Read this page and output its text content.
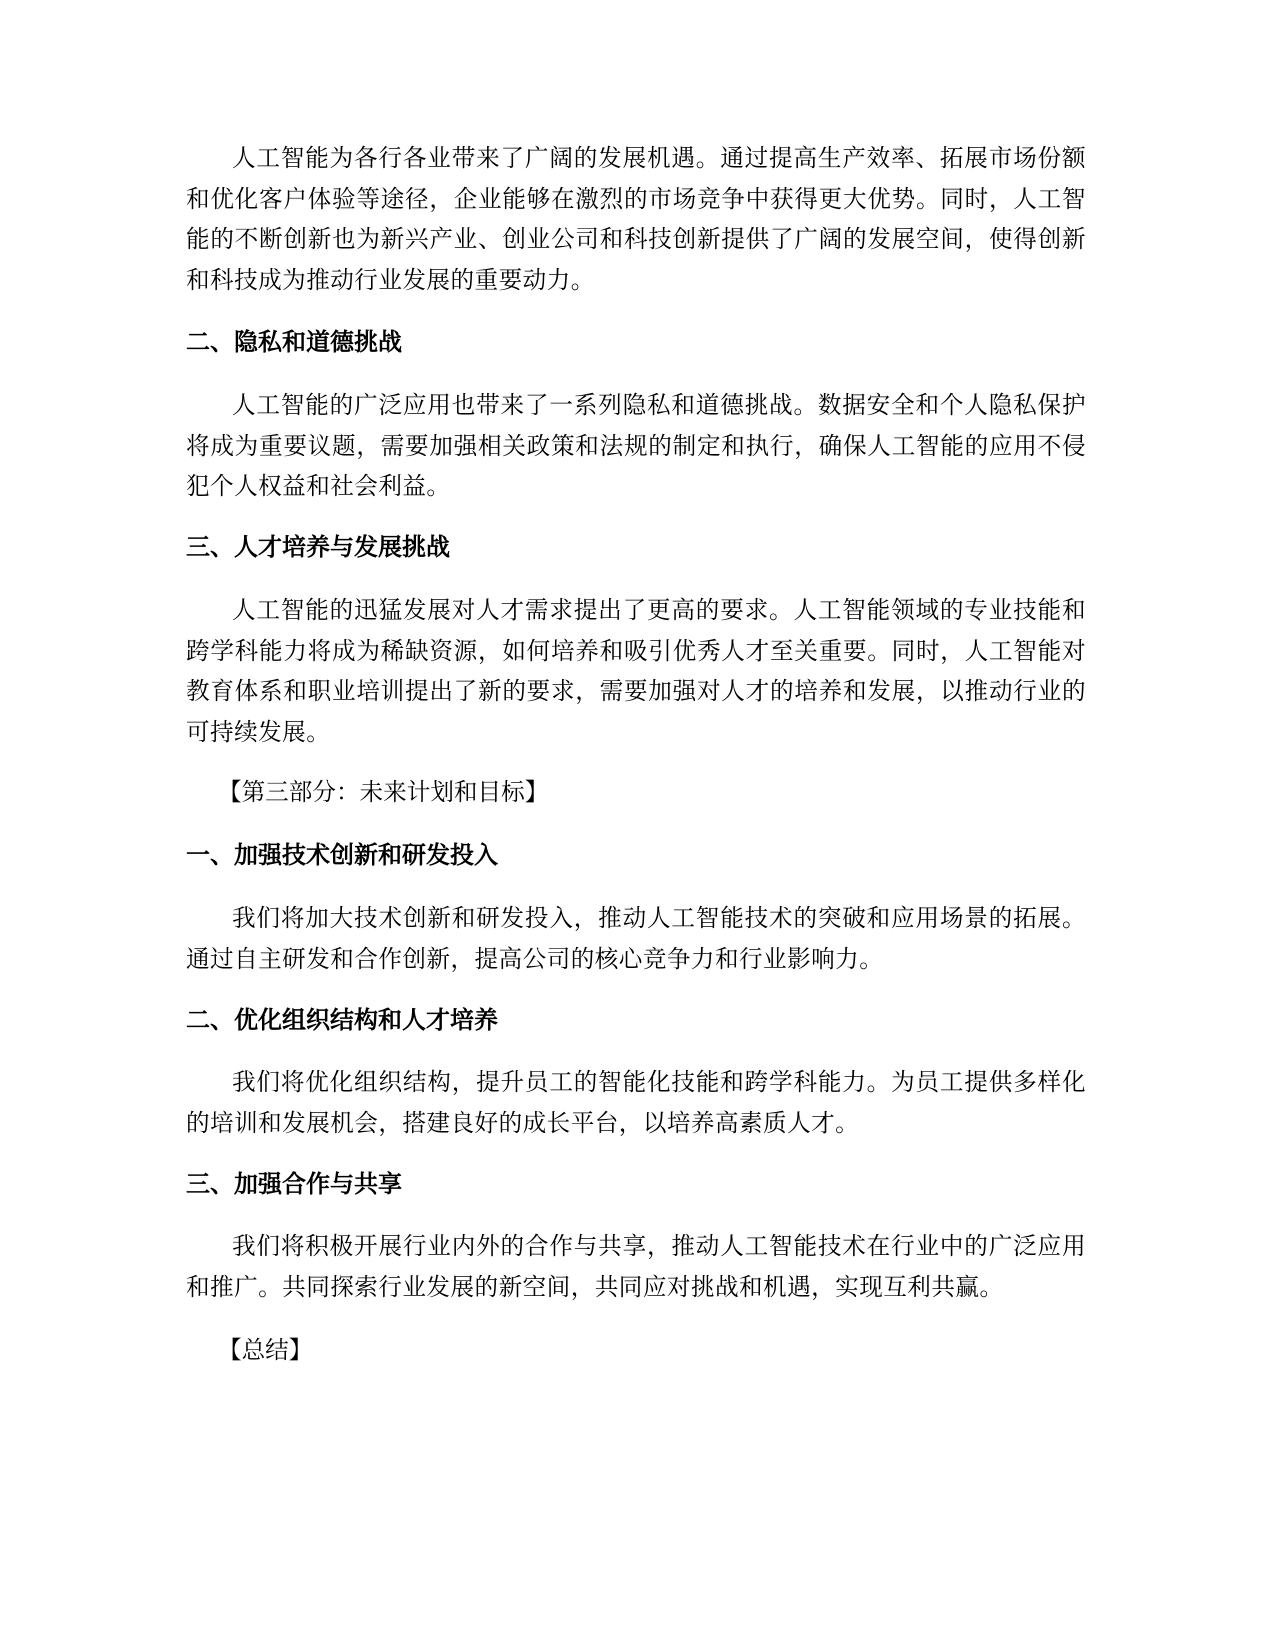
人工智能为各行各业带来了广阔的发展机遇。通过提高生产效率、拓展市场份额和优化客户体验等途径，企业能够在激烈的市场竞争中获得更大优势。同时，人工智能的不断创新也为新兴产业、创业公司和科技创新提供了广阔的发展空间，使得创新和科技成为推动行业发展的重要动力。

二、隐私和道德挑战

人工智能的广泛应用也带来了一系列隐私和道德挑战。数据安全和个人隐私保护将成为重要议题，需要加强相关政策和法规的制定和执行，确保人工智能的应用不侵犯个人权益和社会利益。

三、人才培养与发展挑战

人工智能的迅猛发展对人才需求提出了更高的要求。人工智能领域的专业技能和跨学科能力将成为稀缺资源，如何培养和吸引优秀人才至关重要。同时，人工智能对教育体系和职业培训提出了新的要求，需要加强对人才的培养和发展，以推动行业的可持续发展。

【第三部分：未来计划和目标】

一、加强技术创新和研发投入

我们将加大技术创新和研发投入，推动人工智能技术的突破和应用场景的拓展。通过自主研发和合作创新，提高公司的核心竞争力和行业影响力。

二、优化组织结构和人才培养

我们将优化组织结构，提升员工的智能化技能和跨学科能力。为员工提供多样化的培训和发展机会，搭建良好的成长平台，以培养高素质人才。

三、加强合作与共享

我们将积极开展行业内外的合作与共享，推动人工智能技术在行业中的广泛应用和推广。共同探索行业发展的新空间，共同应对挑战和机遇，实现互利共赢。

【总结】
